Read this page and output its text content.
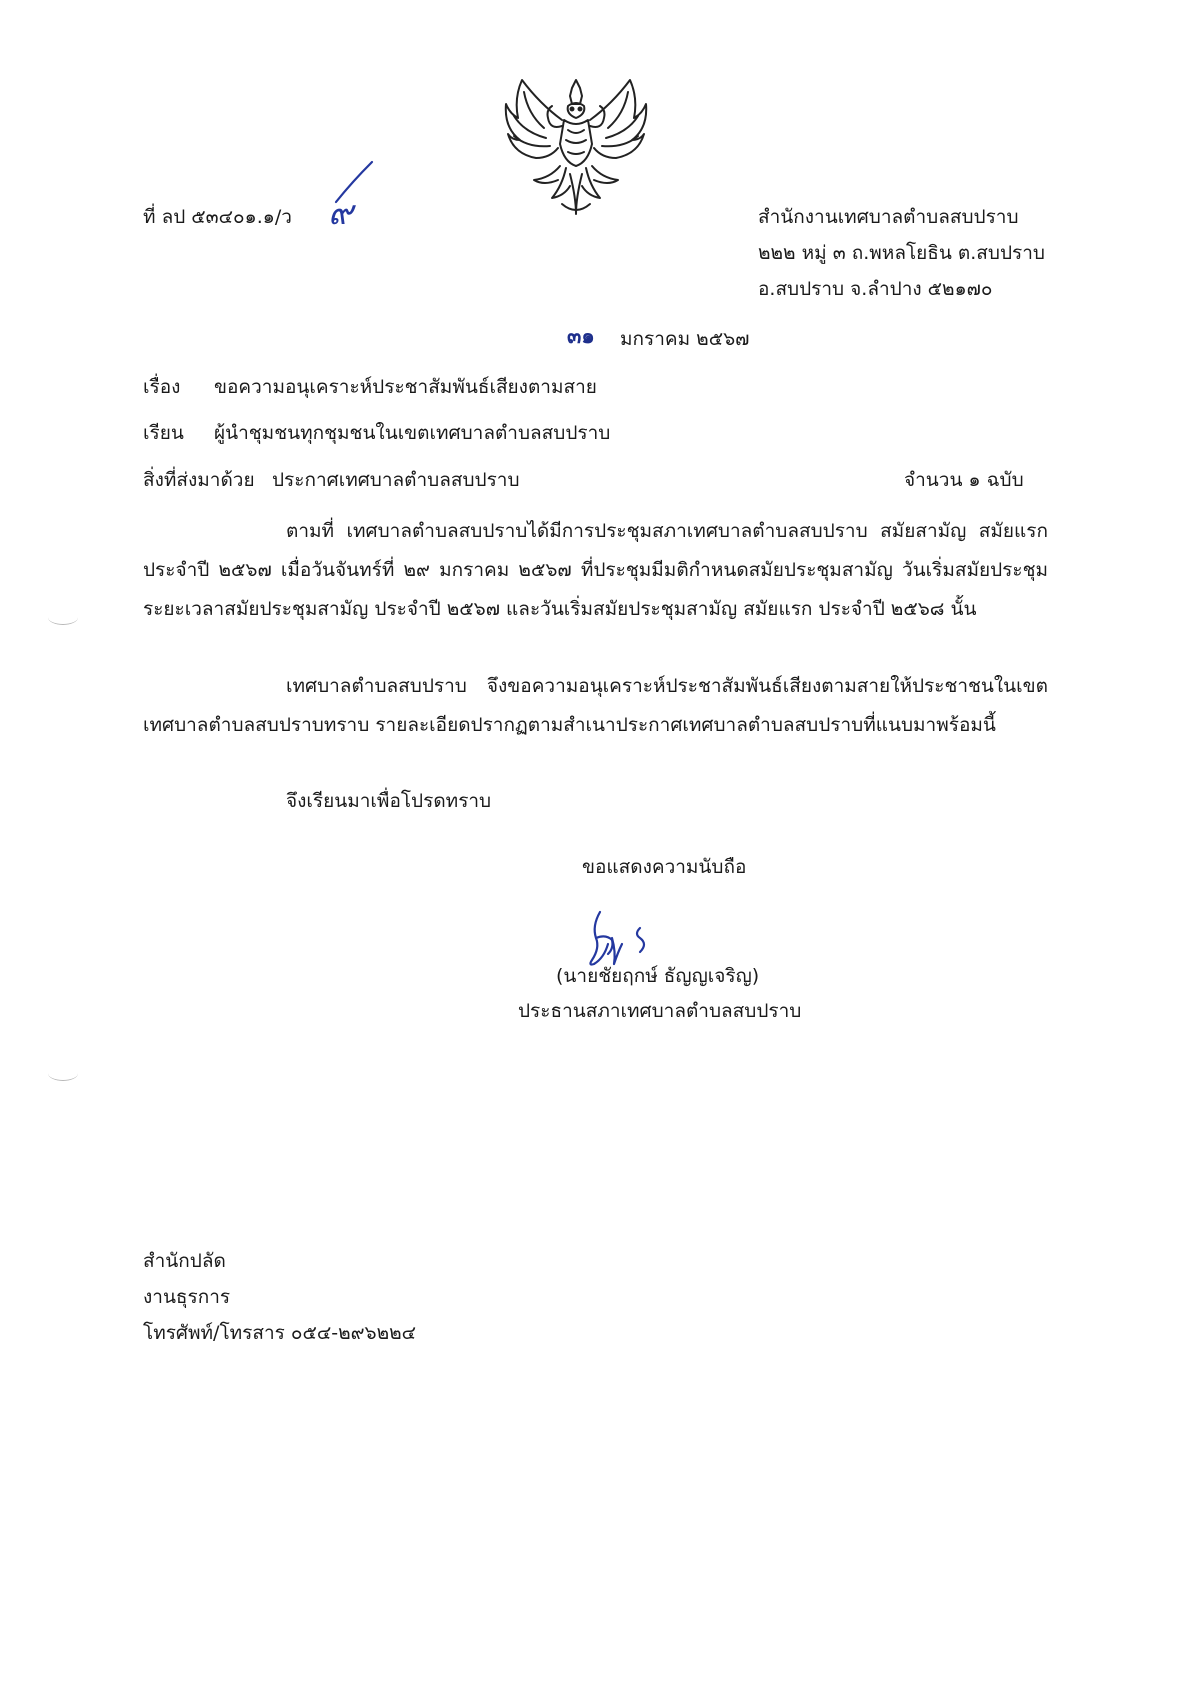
ที่ ลป ๕๓๔๐๑.๑/ว ๙	สำนักงานเทศบาลตำบลสบปราบ
๒๒๒ หมู่ ๓ ถ.พหลโยธิน ต.สบปราบ
อ.สบปราบ จ.ลำปาง ๕๒๑๗๐
๓๑ มกราคม ๒๕๖๗
เรื่อง ขอความอนุเคราะห์ประชาสัมพันธ์เสียงตามสาย
เรียน ผู้นำชุมชนทุกชุมชนในเขตเทศบาลตำบลสบปราบ
สิ่งที่ส่งมาด้วย ประกาศเทศบาลตำบลสบปราบ	จำนวน ๑ ฉบับ
ตามที่ เทศบาลตำบลสบปราบได้มีการประชุมสภาเทศบาลตำบลสบปราบ สมัยสามัญ สมัยแรก ประจำปี ๒๕๖๗ เมื่อวันจันทร์ที่ ๒๙ มกราคม ๒๕๖๗ ที่ประชุมมีมติกำหนดสมัยประชุมสามัญ วันเริ่มสมัยประชุม ระยะเวลาสมัยประชุมสามัญ ประจำปี ๒๕๖๗ และวันเริ่มสมัยประชุมสามัญ สมัยแรก ประจำปี ๒๕๖๘ นั้น
เทศบาลตำบลสบปราบ จึงขอความอนุเคราะห์ประชาสัมพันธ์เสียงตามสายให้ประชาชนในเขตเทศบาลตำบลสบปราบทราบ รายละเอียดปรากฏตามสำเนาประกาศเทศบาลตำบลสบปราบที่แนบมาพร้อมนี้
จึงเรียนมาเพื่อโปรดทราบ
ขอแสดงความนับถือ
(นายชัยฤกษ์ ธัญญเจริญ)
ประธานสภาเทศบาลตำบลสบปราบ
สำนักปลัด
งานธุรการ
โทรศัพท์/โทรสาร ๐๕๔-๒๙๖๒๒๔
